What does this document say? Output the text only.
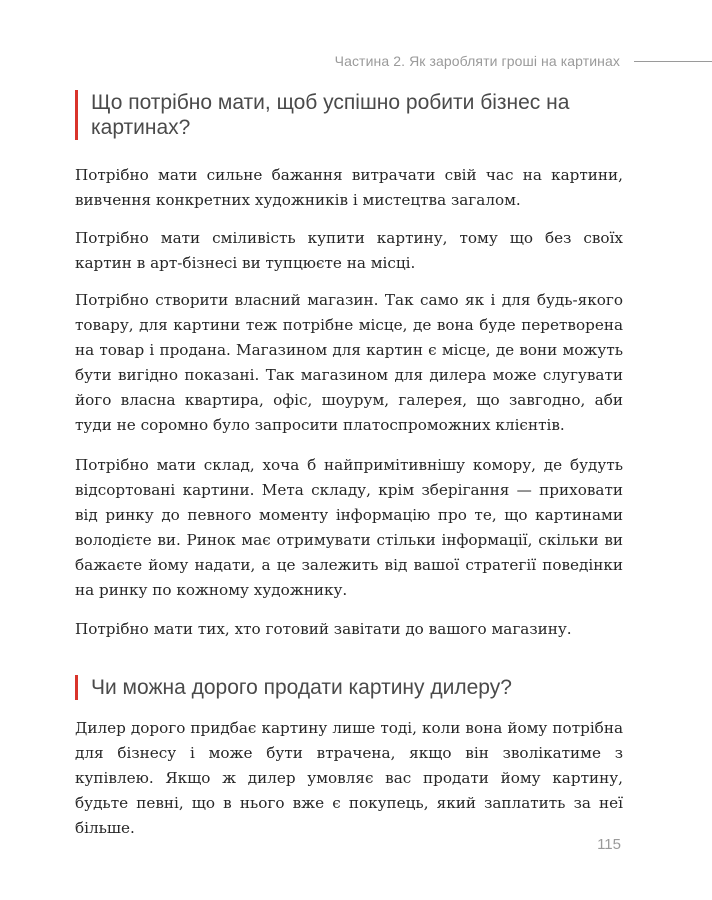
Частина 2. Як заробляти гроші на картинах
Що потрібно мати, щоб успішно робити бізнес на картинах?

Потрібно мати сильне бажання витрачати свій час на картини, вивчення конкретних художників і мистецтва загалом.

Потрібно мати сміливість купити картину, тому що без своїх картин в арт-бізнесі ви тупцюєте на місці.

Потрібно створити власний магазин. Так само як і для будь-якого товару, для картини теж потрібне місце, де вона буде перетворена на товар і продана. Магазином для картин є місце, де вони можуть бути вигідно показані. Так магазином для дилера може слугувати його власна квартира, офіс, шоурум, галерея, що завгодно, аби туди не соромно було запросити платоспроможних клієнтів.

Потрібно мати склад, хоча б найпримітивнішу комору, де будуть відсортовані картини. Мета складу, крім зберігання — приховати від ринку до певного моменту інформацію про те, що картинами володієте ви. Ринок має отримувати стільки інформації, скільки ви бажаєте йому надати, а це залежить від вашої стратегії поведінки на ринку по кожному художнику.

Потрібно мати тих, хто готовий завітати до вашого магазину.

Чи можна дорого продати картину дилеру?

Дилер дорого придбає картину лише тоді, коли вона йому потрібна для бізнесу і може бути втрачена, якщо він зволікатиме з купівлею. Якщо ж дилер умовляє вас продати йому картину, будьте певні, що в нього вже є покупець, який заплатить за неї більше.

115
